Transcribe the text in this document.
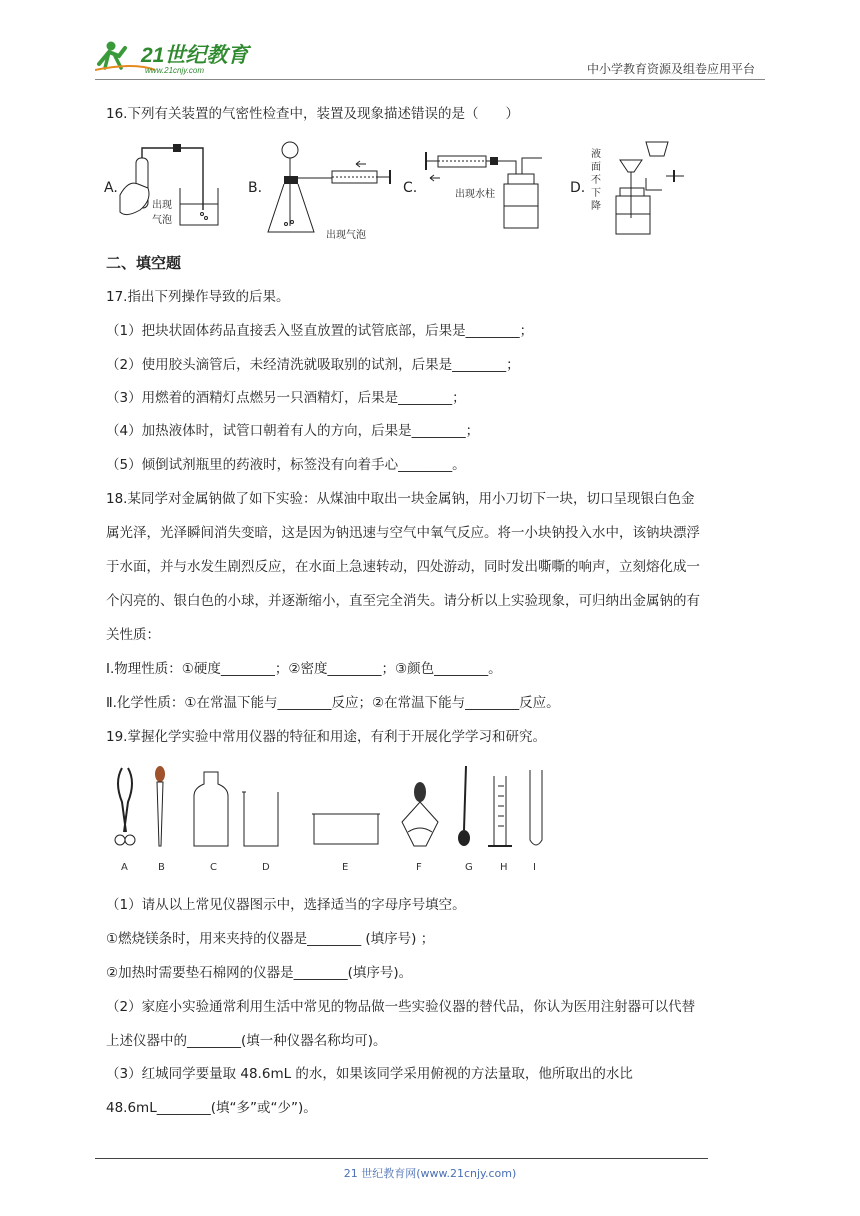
21世纪教育
www.21cnjy.com	中小学教育资源及组卷应用平台
16.下列有关装置的气密性检查中，装置及现象描述错误的是（　　）
A.
出现气泡
B.
出现气泡
C.	出现水柱	D.
液面不下降
二、填空题
17.指出下列操作导致的后果。
（1）把块状固体药品直接丢入竖直放置的试管底部，后果是________；
（2）使用胶头滴管后，未经清洗就吸取别的试剂，后果是________；
（3）用燃着的酒精灯点燃另一只酒精灯，后果是________；
（4）加热液体时，试管口朝着有人的方向，后果是________；
（5）倾倒试剂瓶里的药液时，标签没有向着手心________。
18.某同学对金属钠做了如下实验：从煤油中取出一块金属钠，用小刀切下一块，切口呈现银白色金
属光泽，光泽瞬间消失变暗，这是因为钠迅速与空气中氧气反应。将一小块钠投入水中，该钠块漂浮
于水面，并与水发生剧烈反应，在水面上急速转动，四处游动，同时发出嘶嘶的响声，立刻熔化成一
个闪亮的、银白色的小球，并逐渐缩小，直至完全消失。请分析以上实验现象，可归纳出金属钠的有
关性质：
Ⅰ.物理性质：①硬度________；②密度________；③颜色________。
Ⅱ.化学性质：①在常温下能与________反应；②在常温下能与________反应。
19.掌握化学实验中常用仪器的特征和用途，有利于开展化学学习和研究。
A	B	C	D	E	F	G	H	I
（1）请从以上常见仪器图示中，选择适当的字母序号填空。
①燃烧镁条时，用来夹持的仪器是________ (填序号) ；
②加热时需要垫石棉网的仪器是________(填序号)。
（2）家庭小实验通常利用生活中常见的物品做一些实验仪器的替代品，你认为医用注射器可以代替
上述仪器中的________(填一种仪器名称均可)。
（3）红城同学要量取 48.6mL 的水，如果该同学采用俯视的方法量取，他所取出的水比
48.6mL________(填“多”或“少”)。
21 世纪教育网(www.21cnjy.com)
